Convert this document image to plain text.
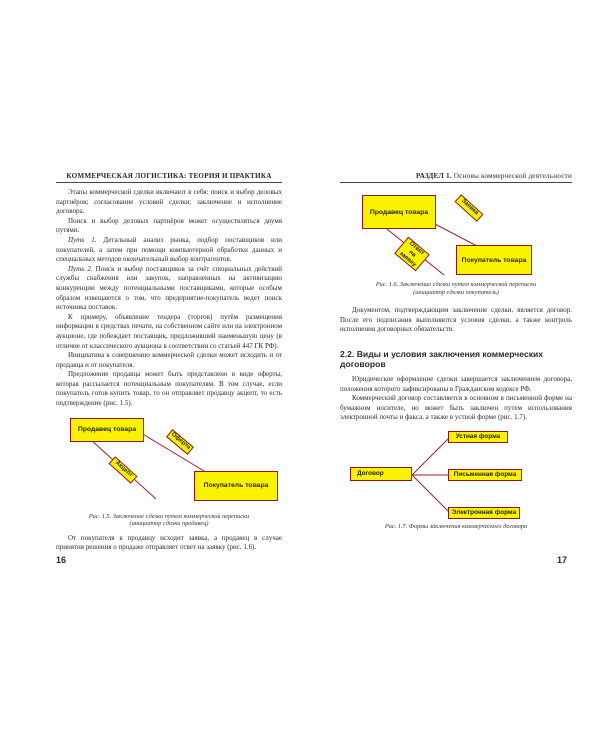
КОММЕРЧЕСКАЯ ЛОГИСТИКА: ТЕОРИЯ И ПРАКТИКА

Этапы коммерческой сделки включают в себя: поиск и выбор деловых партнёров; согласование условий сделки; заключение и исполнение договора.

Поиск и выбор деловых партнёров может осуществляться двумя путями.

Путь 1. Детальный анализ рынка, подбор поставщиков или покупателей, а затем при помощи компьютерной обработки данных и специальных методов окончательный выбор контрагентов.

Путь 2. Поиск и выбор поставщиков за счёт специальных действий службы снабжения или закупок, направленных на активизацию конкуренции между потенциальными поставщиками, которые особым образом извещаются о том, что предприятие-покупатель ведет поиск источника поставок.

К примеру, объявление тендера (торгов) путём размещения информации в средствах печати, на собственном сайте или на электронном аукционе, где побеждает поставщик, предложивший наименьшую цену (в отличие от классического аукциона в соответствии со статьей 447 ГК РФ).

Инициатива к совершению коммерческой сделки может исходить и от продавца и от покупателя.

Предложение продавца может быть представлено в виде оферты, которая рассылается потенциальным покупателям. В том случае, если покупатель готов купить товар, то он отправляет продавцу акцепт, то есть подтверждение (рис. 1.5).

Продавец товара
Оферта
Покупатель товара
Акцепт
Рис. 1.5. Заключение сделки путем коммерческой переписки
(инициатор сделки продавец)

От покупателя к продавцу исходит заявка, а продавец в случае принятия решения о продаже отправляет ответ на заявку (рис. 1.6).

16
РАЗДЕЛ 1. Основы коммерческой деятельности
Продавец товара	Заявка
Покупатель товара
Ответ на заявку
Рис. 1.6. Заключение сделки путем коммерческой переписки
(инициатор сделки покупатель)

Документом, подтверждающим заключение сделки, является договор. После его подписания выполняются условия сделки, а также контроль исполнения договорных обязательств.

2.2. Виды и условия заключения коммерческих договоров

Юридическое оформление сделки завершается заключением договора, положения которого зафиксированы в Гражданском кодексе РФ.

Коммерческий договор составляется в основном в письменной форме на бумажном носителе, но может быть заключен путем использования электронной почты и факса, а также в устной форме (рис. 1.7).

Договор
Устная форма
Письменная форма
Электронная форма
Рис. 1.7. Формы заключения коммерческого договора
17
